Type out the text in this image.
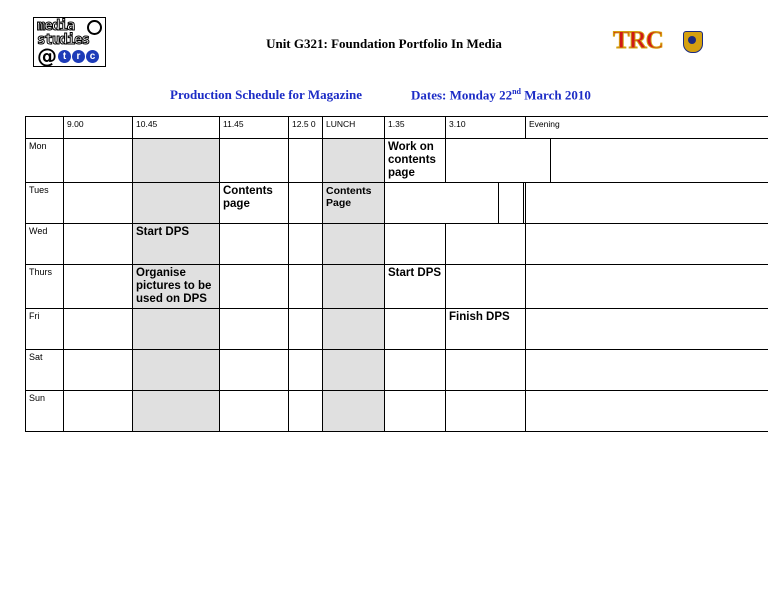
media
studies
@ t r c
Unit G321: Foundation Portfolio In Media	TRC
Production Schedule for Magazine	Dates: Monday 22nd March 2010
	9.00	10.45	11.45	12.5 0	LUNCH	1.35	3.10	Evening
Mon						Work on contents page		

Tues			Contents page		Contents Page		

Wed		Start DPS						
Thurs		Organise pictures to be used on DPS				Start DPS		
Fri							Finish DPS	
Sat								
Sun								
